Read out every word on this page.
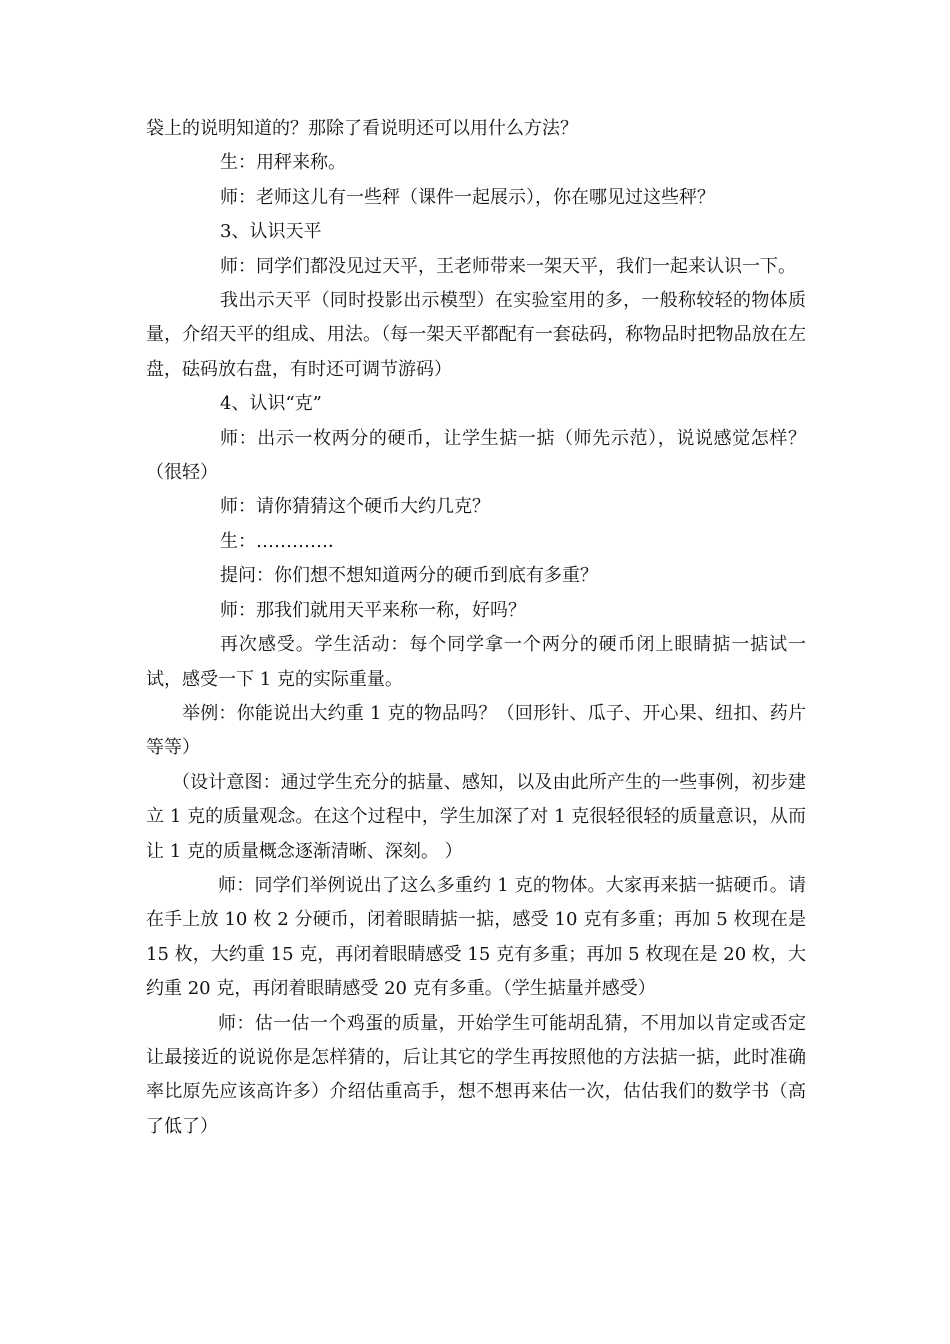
袋上的说明知道的？那除了看说明还可以用什么方法？

生：用秤来称。

师：老师这儿有一些秤（课件一起展示），你在哪见过这些秤？

3、认识天平

师：同学们都没见过天平，王老师带来一架天平，我们一起来认识一下。

我出示天平（同时投影出示模型）在实验室用的多，一般称较轻的物体质量，介绍天平的组成、用法。（每一架天平都配有一套砝码，称物品时把物品放在左盘，砝码放右盘，有时还可调节游码）

4、认识“克”

师：出示一枚两分的硬币，让学生掂一掂（师先示范），说说感觉怎样？（很轻）

师：请你猜猜这个硬币大约几克？

生：…………．

提问：你们想不想知道两分的硬币到底有多重？

师：那我们就用天平来称一称，好吗？

再次感受。学生活动：每个同学拿一个两分的硬币闭上眼睛掂一掂试一试，感受一下 1 克的实际重量。

举例：你能说出大约重 1 克的物品吗？（回形针、瓜子、开心果、纽扣、药片等等）

（设计意图：通过学生充分的掂量、感知，以及由此所产生的一些事例，初步建立 1 克的质量观念。在这个过程中，学生加深了对 1 克很轻很轻的质量意识，从而让 1 克的质量概念逐渐清晰、深刻。 ）

师：同学们举例说出了这么多重约 1 克的物体。大家再来掂一掂硬币。请在手上放 10 枚 2 分硬币，闭着眼睛掂一掂，感受 10 克有多重；再加 5 枚现在是 15 枚，大约重 15 克，再闭着眼睛感受 15 克有多重；再加 5 枚现在是 20 枚，大约重 20 克，再闭着眼睛感受 20 克有多重。（学生掂量并感受）

师：估一估一个鸡蛋的质量，开始学生可能胡乱猜，不用加以肯定或否定让最接近的说说你是怎样猜的，后让其它的学生再按照他的方法掂一掂，此时准确率比原先应该高许多）介绍估重高手，想不想再来估一次，估估我们的数学书（高了低了）
